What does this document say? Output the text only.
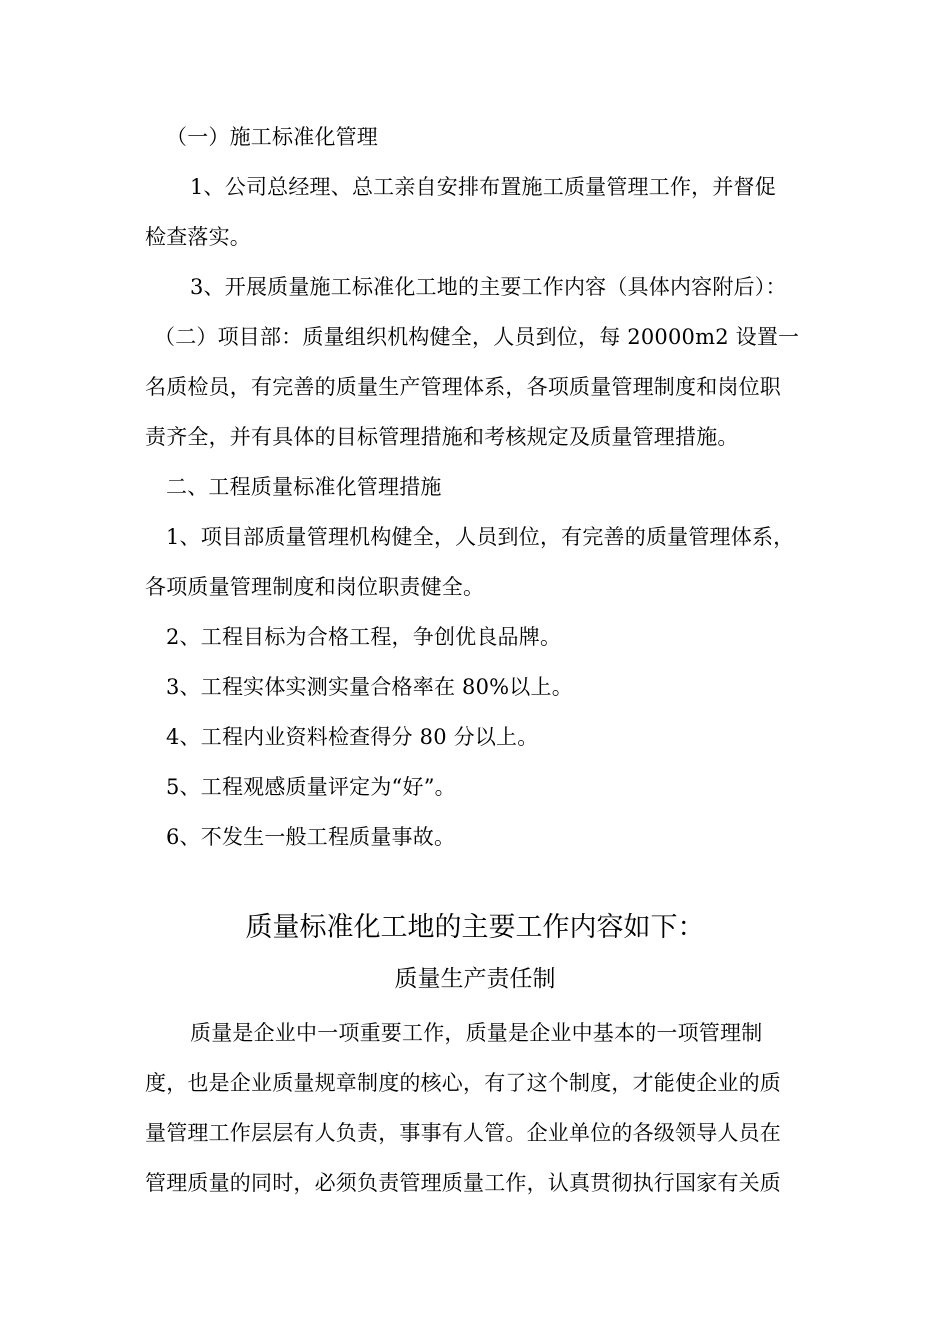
（一）施工标准化管理
1、公司总经理、总工亲自安排布置施工质量管理工作，并督促
检查落实。
3、开展质量施工标准化工地的主要工作内容（具体内容附后）：
（二）项目部：质量组织机构健全，人员到位，每 20000m2 设置一
名质检员，有完善的质量生产管理体系，各项质量管理制度和岗位职
责齐全，并有具体的目标管理措施和考核规定及质量管理措施。
二、工程质量标准化管理措施
1、项目部质量管理机构健全，人员到位，有完善的质量管理体系，
各项质量管理制度和岗位职责健全。
2、工程目标为合格工程，争创优良品牌。
3、工程实体实测实量合格率在 80%以上。
4、工程内业资料检查得分 80 分以上。
5、工程观感质量评定为“好”。
6、不发生一般工程质量事故。
质量标准化工地的主要工作内容如下：
质量生产责任制
质量是企业中一项重要工作，质量是企业中基本的一项管理制
度，也是企业质量规章制度的核心，有了这个制度，才能使企业的质
量管理工作层层有人负责，事事有人管。企业单位的各级领导人员在
管理质量的同时，必须负责管理质量工作，认真贯彻执行国家有关质
